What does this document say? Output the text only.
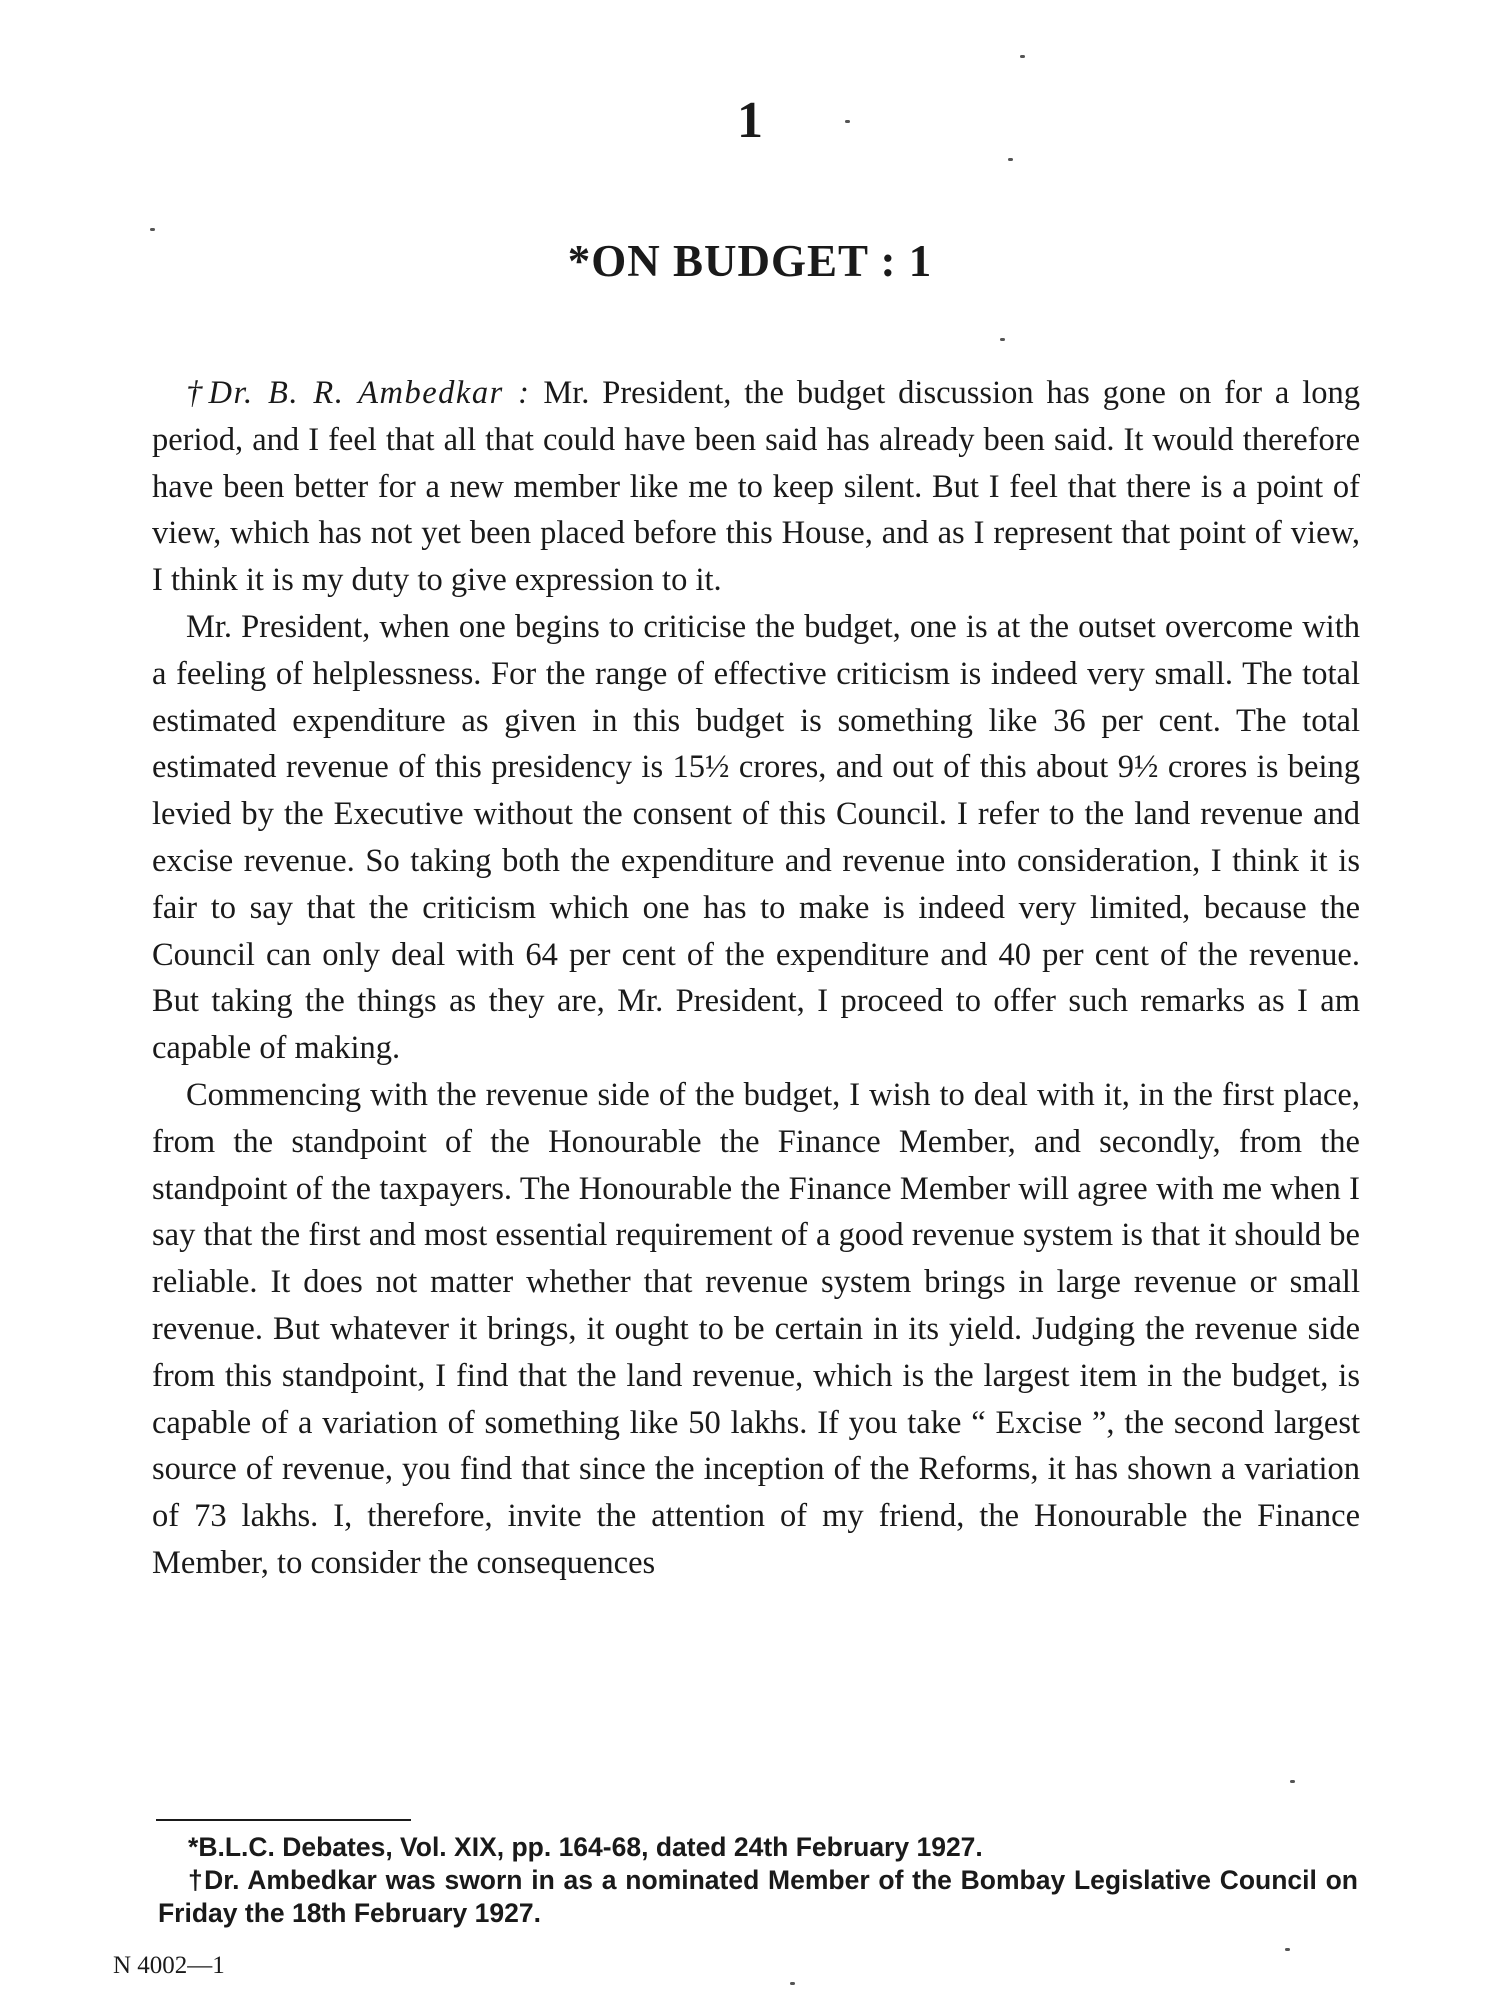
1
*ON BUDGET : 1

†Dr. B. R. Ambedkar : Mr. President, the budget discussion has gone on for a long period, and I feel that all that could have been said has already been said. It would therefore have been better for a new member like me to keep silent. But I feel that there is a point of view, which has not yet been placed before this House, and as I represent that point of view, I think it is my duty to give expression to it.

Mr. President, when one begins to criticise the budget, one is at the outset overcome with a feeling of helplessness. For the range of effective criticism is indeed very small. The total estimated expenditure as given in this budget is something like 36 per cent. The total estimated revenue of this presidency is 15½ crores, and out of this about 9½ crores is being levied by the Executive without the consent of this Council. I refer to the land revenue and excise revenue. So taking both the expenditure and revenue into consideration, I think it is fair to say that the criticism which one has to make is indeed very limited, because the Council can only deal with 64 per cent of the expenditure and 40 per cent of the revenue. But taking the things as they are, Mr. President, I proceed to offer such remarks as I am capable of making.

Commencing with the revenue side of the budget, I wish to deal with it, in the first place, from the standpoint of the Honourable the Finance Member, and secondly, from the standpoint of the taxpayers. The Honourable the Finance Member will agree with me when I say that the first and most essential requirement of a good revenue system is that it should be reliable. It does not matter whether that revenue system brings in large revenue or small revenue. But whatever it brings, it ought to be certain in its yield. Judging the revenue side from this standpoint, I find that the land revenue, which is the largest item in the budget, is capable of a variation of something like 50 lakhs. If you take “ Excise ”, the second largest source of revenue, you find that since the inception of the Reforms, it has shown a variation of 73 lakhs. I, therefore, invite the attention of my friend, the Honourable the Finance Member, to consider the consequences

*B.L.C. Debates, Vol. XIX, pp. 164-68, dated 24th February 1927.

†Dr. Ambedkar was sworn in as a nominated Member of the Bombay Legislative Council on Friday the 18th February 1927.

N 4002—1
